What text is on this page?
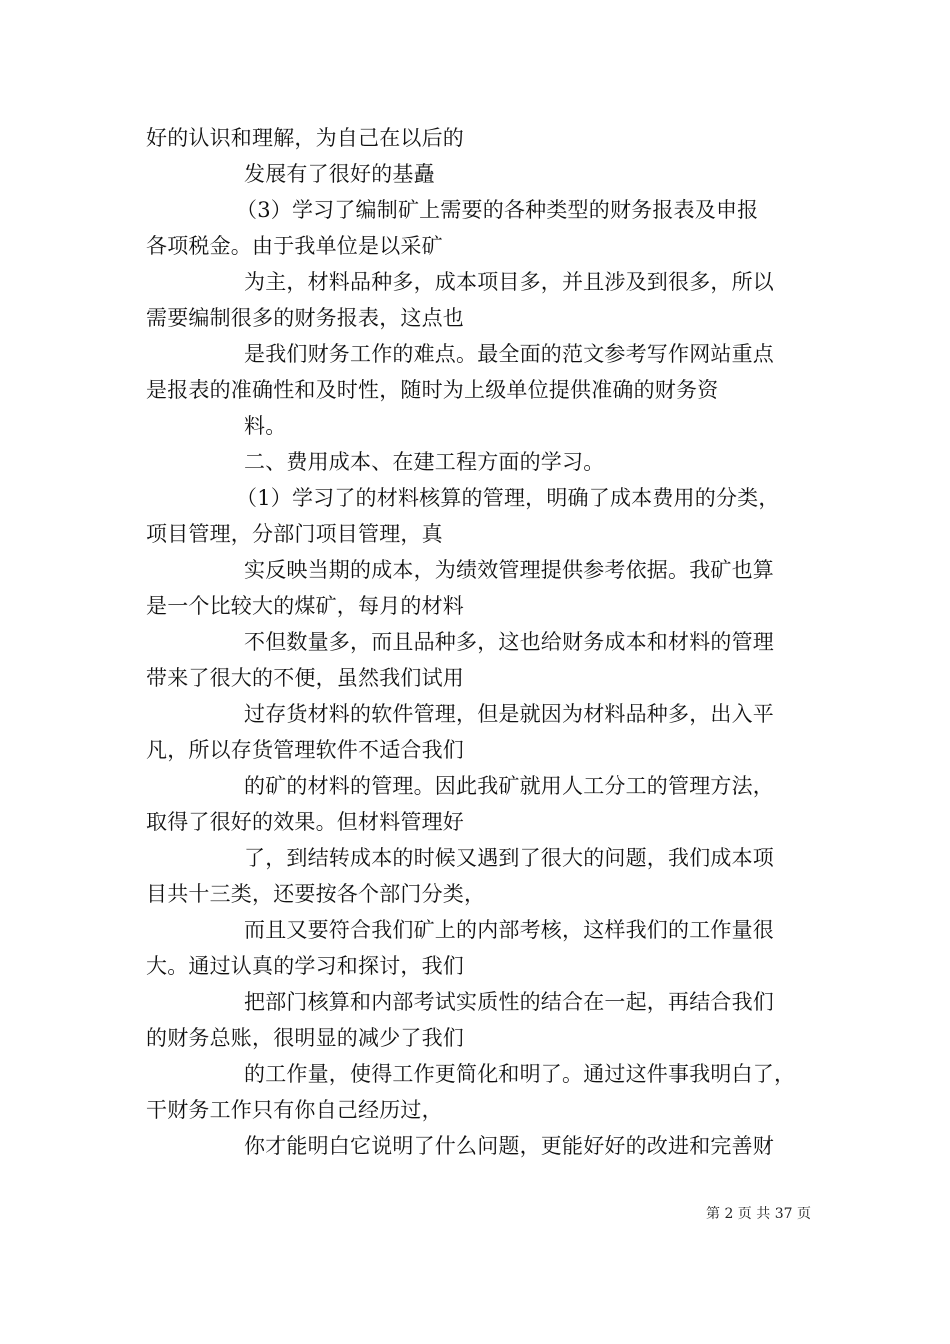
好的认识和理解，为自己在以后的
发展有了很好的基矗
（3）学习了编制矿上需要的各种类型的财务报表及申报
各项税金。由于我单位是以采矿
为主，材料品种多，成本项目多，并且涉及到很多，所以
需要编制很多的财务报表，这点也
是我们财务工作的难点。最全面的范文参考写作网站重点
是报表的准确性和及时性，随时为上级单位提供准确的财务资
料。
二、费用成本、在建工程方面的学习。
（1）学习了的材料核算的管理，明确了成本费用的分类，
项目管理，分部门项目管理，真
实反映当期的成本，为绩效管理提供参考依据。我矿也算
是一个比较大的煤矿，每月的材料
不但数量多，而且品种多，这也给财务成本和材料的管理
带来了很大的不便，虽然我们试用
过存货材料的软件管理，但是就因为材料品种多，出入平
凡，所以存货管理软件不适合我们
的矿的材料的管理。因此我矿就用人工分工的管理方法，
取得了很好的效果。但材料管理好
了，到结转成本的时候又遇到了很大的问题，我们成本项
目共十三类，还要按各个部门分类，
而且又要符合我们矿上的内部考核，这样我们的工作量很
大。通过认真的学习和探讨，我们
把部门核算和内部考试实质性的结合在一起，再结合我们
的财务总账，很明显的减少了我们
的工作量，使得工作更简化和明了。通过这件事我明白了，
干财务工作只有你自己经历过，
你才能明白它说明了什么问题，更能好好的改进和完善财
第 2 页 共 37 页
